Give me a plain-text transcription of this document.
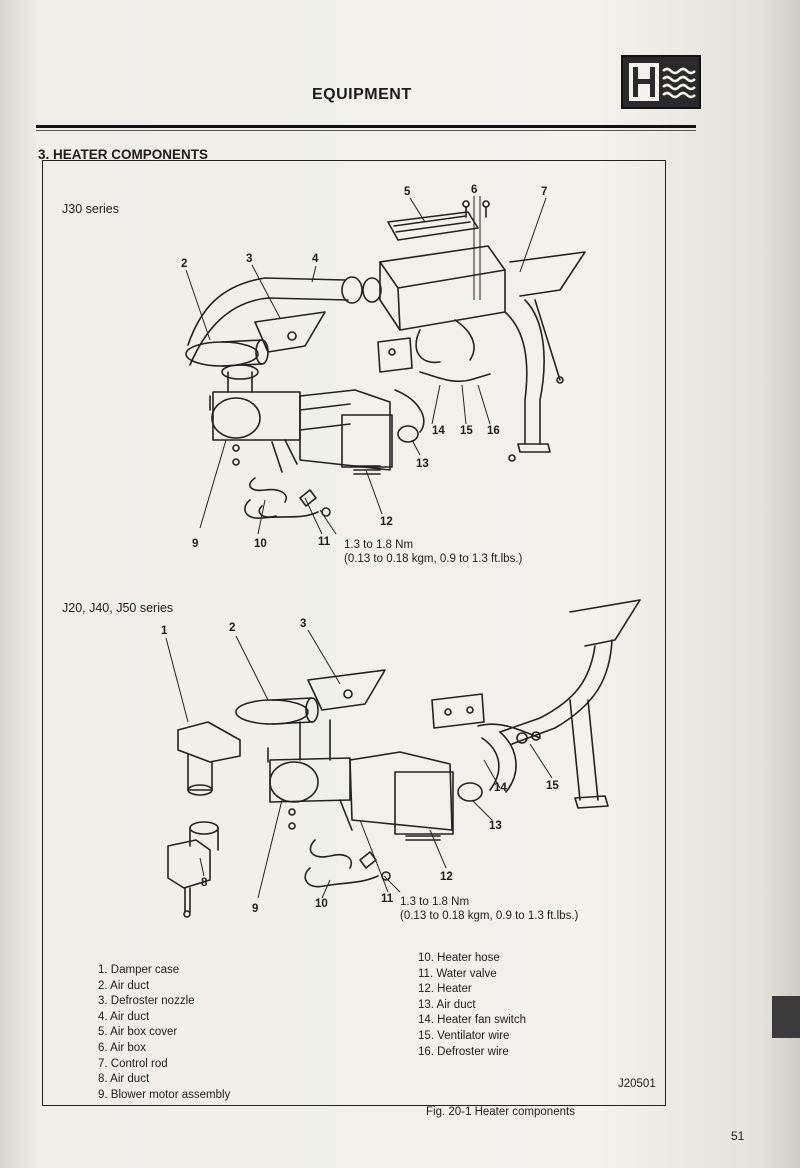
EQUIPMENT
3. HEATER COMPONENTS
J30 series
J20, J40, J50 series
2	3	4
5	6	7
9	10	11
12
13
14 15 16
1	2	3
8
9	10	11
12
13
14	15
1.3 to 1.8 Nm
(0.13 to 0.18 kgm, 0.9 to 1.3 ft.lbs.)
1.3 to 1.8 Nm
(0.13 to 0.18 kgm, 0.9 to 1.3 ft.lbs.)
1. Damper case
2. Air duct
3. Defroster nozzle
4. Air duct
5. Air box cover
6. Air box
7. Control rod
8. Air duct
9. Blower motor assembly
10. Heater hose
11. Water valve
12. Heater
13. Air duct
14. Heater fan switch
15. Ventilator wire
16. Defroster wire
J20501
Fig. 20-1 Heater components
51
